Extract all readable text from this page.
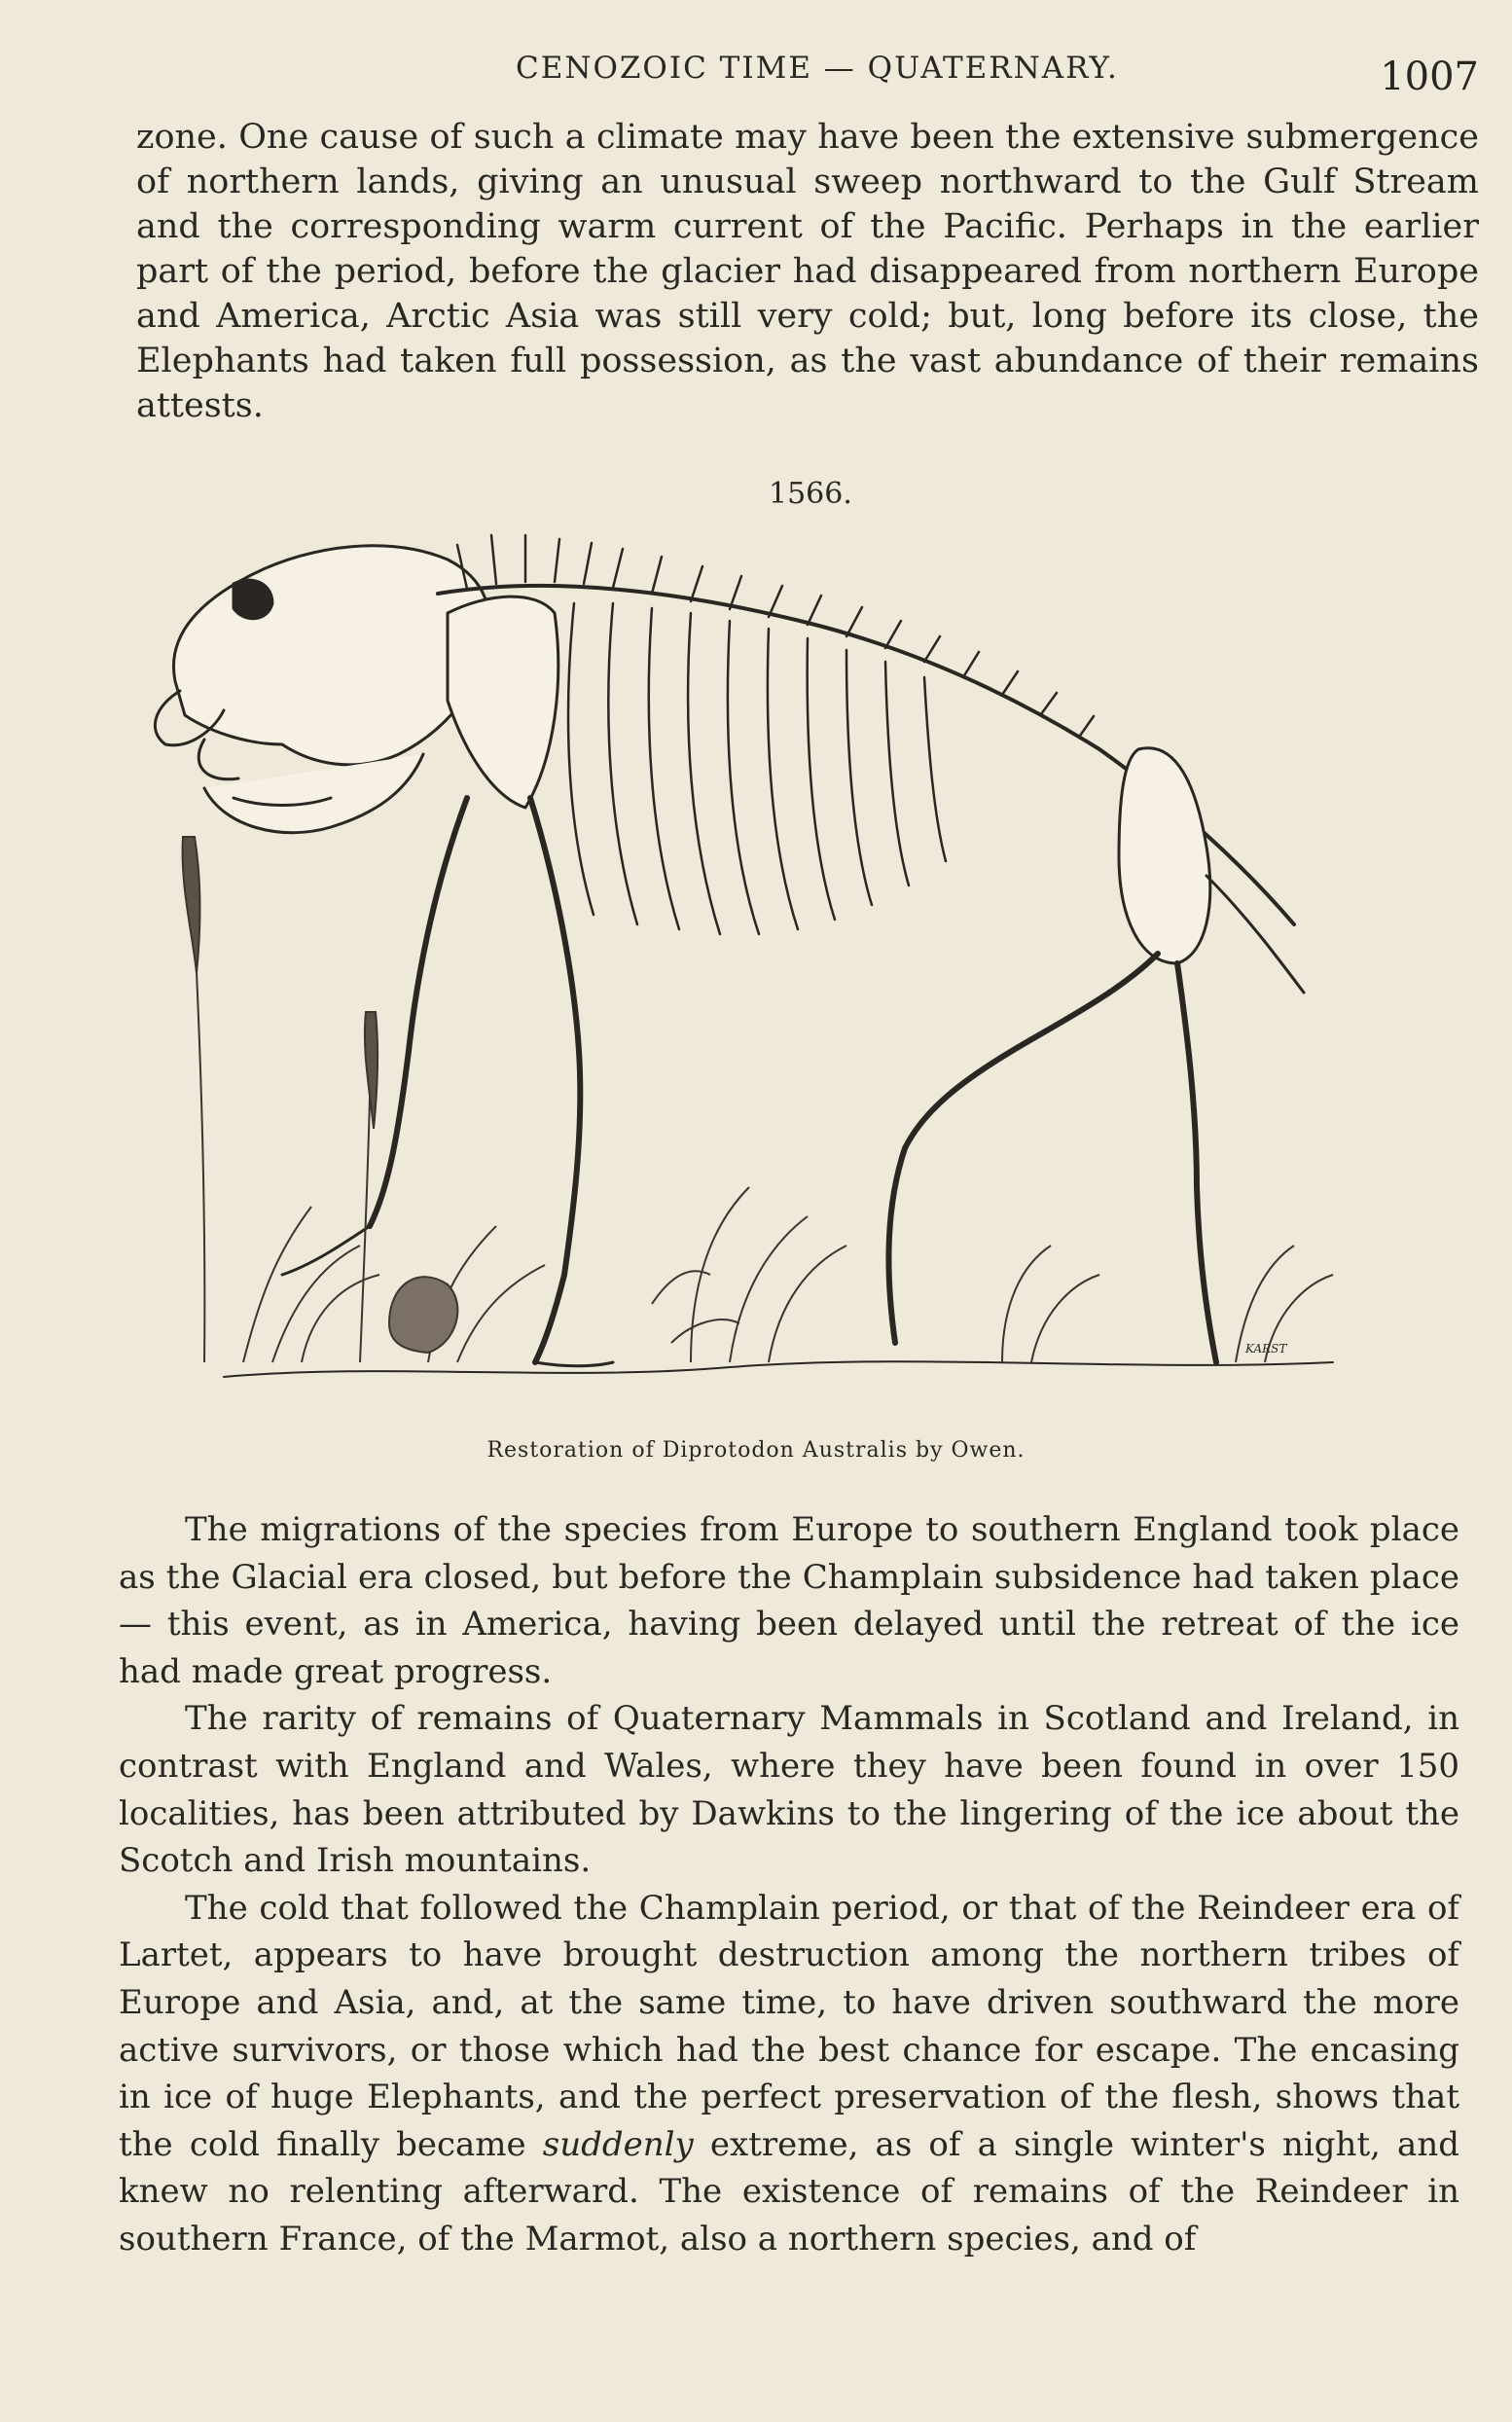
CENOZOIC TIME — QUATERNARY.	1007

zone. One cause of such a climate may have been the extensive submergence of northern lands, giving an unusual sweep northward to the Gulf Stream and the corresponding warm current of the Pacific. Perhaps in the earlier part of the period, before the glacier had disappeared from northern Europe and America, Arctic Asia was still very cold; but, long before its close, the Elephants had taken full possession, as the vast abundance of their remains attests.

1566.
KARST
Restoration of Diprotodon Australis by Owen.

The migrations of the species from Europe to southern England took place as the Glacial era closed, but before the Champlain subsidence had taken place — this event, as in America, having been delayed until the retreat of the ice had made great progress.

The rarity of remains of Quaternary Mammals in Scotland and Ireland, in contrast with England and Wales, where they have been found in over 150 localities, has been attributed by Dawkins to the lingering of the ice about the Scotch and Irish mountains.

The cold that followed the Champlain period, or that of the Reindeer era of Lartet, appears to have brought destruction among the northern tribes of Europe and Asia, and, at the same time, to have driven southward the more active survivors, or those which had the best chance for escape. The encasing in ice of huge Elephants, and the perfect preservation of the flesh, shows that the cold finally became suddenly extreme, as of a single winter's night, and knew no relenting afterward. The existence of remains of the Reindeer in southern France, of the Marmot, also a northern species, and of
